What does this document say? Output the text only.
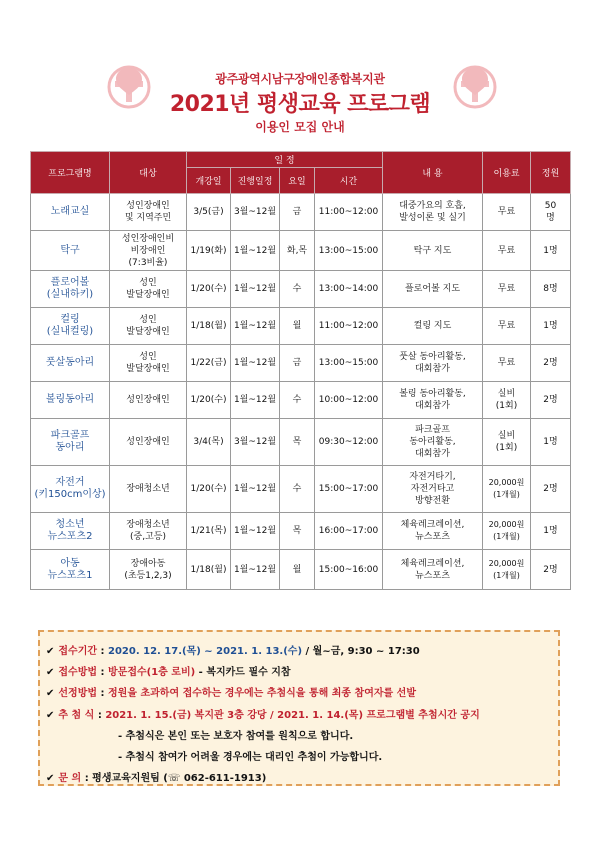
광주광역시남구장애인종합복지관
2021년 평생교육 프로그램
이용인 모집 안내
프로그램명	대상	일 정				내 용	이용료	정원
		개강일	진행일정	요일	시간			
노래교실	성인장애인
및 지역주민	3/5(금)	3월~12월	금	11:00~12:00	대중가요의 호흡,
발성이론 및 실기	무료	50
명
탁구	성인장애인비
비장애인
(7:3비율)	1/19(화)	1월~12월	화,목	13:00~15:00	탁구 지도	무료	1명
플로어볼
(실내하키)	성인
발달장애인	1/20(수)	1월~12월	수	13:00~14:00	플로어볼 지도	무료	8명
컬링
(실내컬링)	성인
발달장애인	1/18(월)	1월~12월	월	11:00~12:00	컬링 지도	무료	1명
풋살동아리	성인
발달장애인	1/22(금)	1월~12월	금	13:00~15:00	풋살 동아리활동,
대회참가	무료	2명
볼링동아리	성인장애인	1/20(수)	1월~12월	수	10:00~12:00	볼링 동아리활동,
대회참가	실비
(1회)	2명
파크골프
동아리	성인장애인	3/4(목)	3월~12월	목	09:30~12:00	파크골프
동아리활동,
대회참가	실비
(1회)	1명
자전거
(키150cm이상)	장애청소년	1/20(수)	1월~12월	수	15:00~17:00	자전거타기,
자전거타고
방향전환	20,000원
(1개월)	2명
청소년
뉴스포츠2	장애청소년
(중,고등)	1/21(목)	1월~12월	목	16:00~17:00	체육레크레이션,
뉴스포츠	20,000원
(1개월)	1명
아동
뉴스포츠1	장애아동
(초등1,2,3)	1/18(월)	1월~12월	월	15:00~16:00	체육레크레이션,
뉴스포츠	20,000원
(1개월)	2명
✔ 접수기간 : 2020. 12. 17.(목) ~ 2021. 1. 13.(수) / 월~금, 9:30 ~ 17:30
✔ 접수방법 : 방문접수(1층 로비) - 복지카드 필수 지참
✔ 선정방법 : 정원을 초과하여 접수하는 경우에는 추첨식을 통해 최종 참여자를 선발
✔ 추 첨 식 : 2021. 1. 15.(금) 복지관 3층 강당 / 2021. 1. 14.(목) 프로그램별 추첨시간 공지
- 추첨식은 본인 또는 보호자 참여를 원칙으로 합니다.
- 추첨식 참여가 어려울 경우에는 대리인 추첨이 가능합니다.
✔ 문 의 : 평생교육지원팀 (☏ 062-611-1913)
